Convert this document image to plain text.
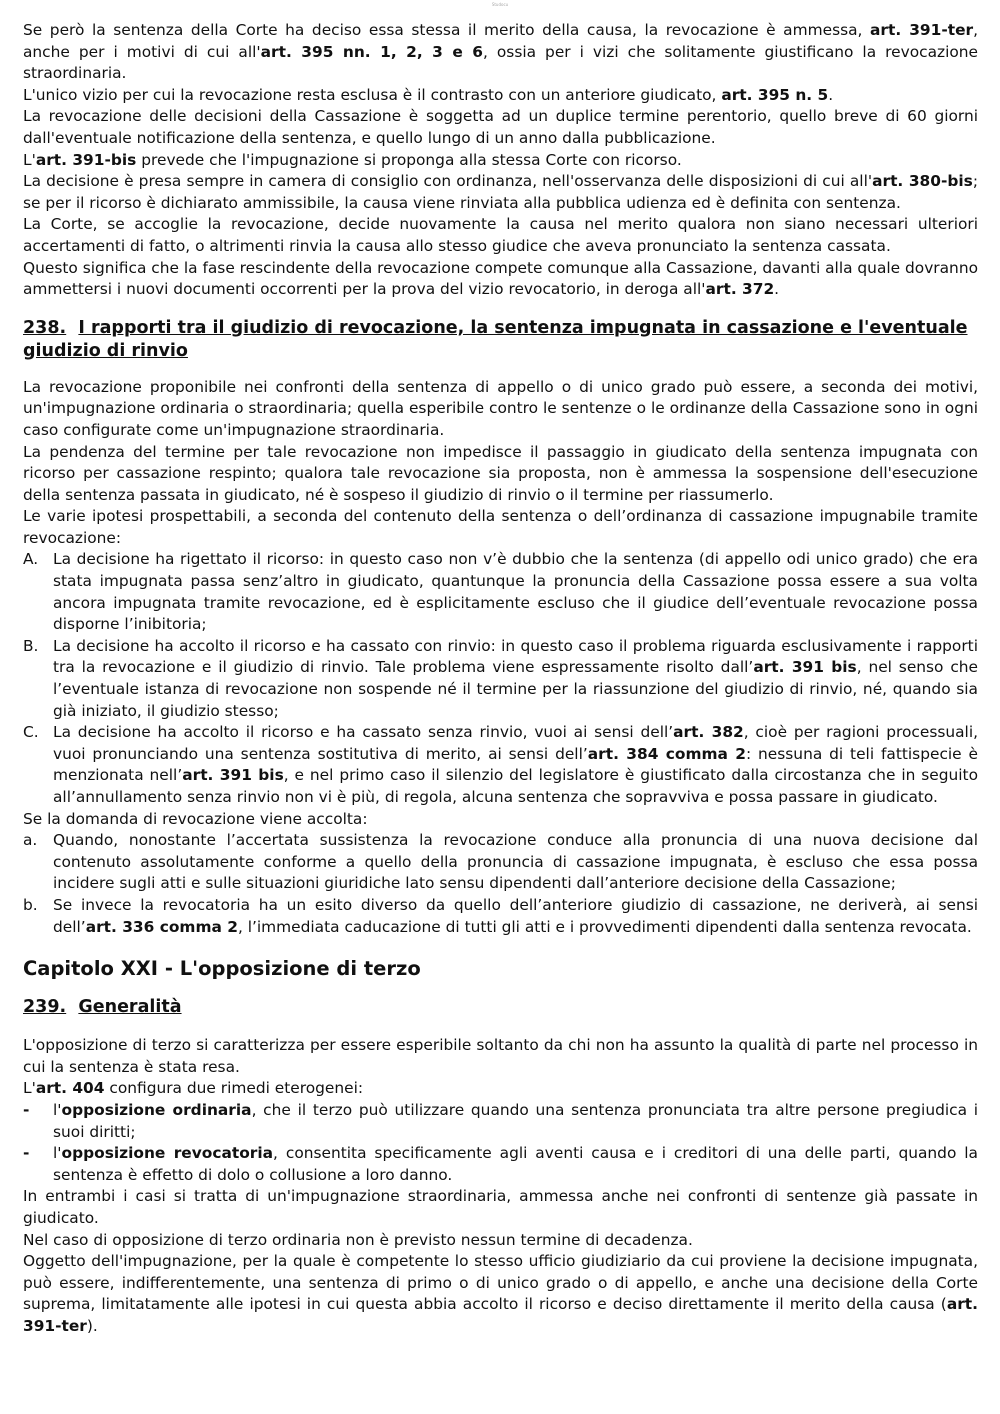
Studocu

Se però la sentenza della Corte ha deciso essa stessa il merito della causa, la revocazione è ammessa, art. 391-ter, anche per i motivi di cui all'art. 395 nn. 1, 2, 3 e 6, ossia per i vizi che solitamente giustificano la revocazione straordinaria.

L'unico vizio per cui la revocazione resta esclusa è il contrasto con un anteriore giudicato, art. 395 n. 5.

La revocazione delle decisioni della Cassazione è soggetta ad un duplice termine perentorio, quello breve di 60 giorni dall'eventuale notificazione della sentenza, e quello lungo di un anno dalla pubblicazione.

L'art. 391-bis prevede che l'impugnazione si proponga alla stessa Corte con ricorso.

La decisione è presa sempre in camera di consiglio con ordinanza, nell'osservanza delle disposizioni di cui all'art. 380-bis; se per il ricorso è dichiarato ammissibile, la causa viene rinviata alla pubblica udienza ed è definita con sentenza.

La Corte, se accoglie la revocazione, decide nuovamente la causa nel merito qualora non siano necessari ulteriori accertamenti di fatto, o altrimenti rinvia la causa allo stesso giudice che aveva pronunciato la sentenza cassata.

Questo significa che la fase rescindente della revocazione compete comunque alla Cassazione, davanti alla quale dovranno ammettersi i nuovi documenti occorrenti per la prova del vizio revocatorio, in deroga all'art. 372.

238. I rapporti tra il giudizio di revocazione, la sentenza impugnata in cassazione e l'eventuale giudizio di rinvio

La revocazione proponibile nei confronti della sentenza di appello o di unico grado può essere, a seconda dei motivi, un'impugnazione ordinaria o straordinaria; quella esperibile contro le sentenze o le ordinanze della Cassazione sono in ogni caso configurate come un'impugnazione straordinaria.

La pendenza del termine per tale revocazione non impedisce il passaggio in giudicato della sentenza impugnata con ricorso per cassazione respinto; qualora tale revocazione sia proposta, non è ammessa la sospensione dell'esecuzione della sentenza passata in giudicato, né è sospeso il giudizio di rinvio o il termine per riassumerlo.

Le varie ipotesi prospettabili, a seconda del contenuto della sentenza o dell’ordinanza di cassazione impugnabile tramite revocazione:

A. La decisione ha rigettato il ricorso: in questo caso non v’è dubbio che la sentenza (di appello odi unico grado) che era stata impugnata passa senz’altro in giudicato, quantunque la pronuncia della Cassazione possa essere a sua volta ancora impugnata tramite revocazione, ed è esplicitamente escluso che il giudice dell’eventuale revocazione possa disporne l’inibitoria;
B. La decisione ha accolto il ricorso e ha cassato con rinvio: in questo caso il problema riguarda esclusivamente i rapporti tra la revocazione e il giudizio di rinvio. Tale problema viene espressamente risolto dall’art. 391 bis, nel senso che l’eventuale istanza di revocazione non sospende né il termine per la riassunzione del giudizio di rinvio, né, quando sia già iniziato, il giudizio stesso;
C. La decisione ha accolto il ricorso e ha cassato senza rinvio, vuoi ai sensi dell’art. 382, cioè per ragioni processuali, vuoi pronunciando una sentenza sostitutiva di merito, ai sensi dell’art. 384 comma 2: nessuna di teli fattispecie è menzionata nell’art. 391 bis, e nel primo caso il silenzio del legislatore è giustificato dalla circostanza che in seguito all’annullamento senza rinvio non vi è più, di regola, alcuna sentenza che sopravviva e possa passare in giudicato.

Se la domanda di revocazione viene accolta:

a.	Quando, nonostante l’accertata sussistenza la revocazione conduce alla pronuncia di una nuova decisione dal contenuto assolutamente conforme a quello della pronuncia di cassazione impugnata, è escluso che essa possa incidere sugli atti e sulle situazioni giuridiche lato sensu dipendenti dall’anteriore decisione della Cassazione;
b. Se invece la revocatoria ha un esito diverso da quello dell’anteriore giudizio di cassazione, ne deriverà, ai sensi dell’art. 336 comma 2, l’immediata caducazione di tutti gli atti e i provvedimenti dipendenti dalla sentenza revocata.
Capitolo XXI - L'opposizione di terzo
239. Generalità

L'opposizione di terzo si caratterizza per essere esperibile soltanto da chi non ha assunto la qualità di parte nel processo in cui la sentenza è stata resa.

L'art. 404 configura due rimedi eterogenei:

-	l'opposizione ordinaria, che il terzo può utilizzare quando una sentenza pronunciata tra altre persone pregiudica i suoi diritti;
-	l'opposizione revocatoria, consentita specificamente agli aventi causa e i creditori di una delle parti, quando la sentenza è effetto di dolo o collusione a loro danno.

In entrambi i casi si tratta di un'impugnazione straordinaria, ammessa anche nei confronti di sentenze già passate in giudicato.

Nel caso di opposizione di terzo ordinaria non è previsto nessun termine di decadenza.

Oggetto dell'impugnazione, per la quale è competente lo stesso ufficio giudiziario da cui proviene la decisione impugnata, può essere, indifferentemente, una sentenza di primo o di unico grado o di appello, e anche una decisione della Corte suprema, limitatamente alle ipotesi in cui questa abbia accolto il ricorso e deciso direttamente il merito della causa (art. 391-ter).
